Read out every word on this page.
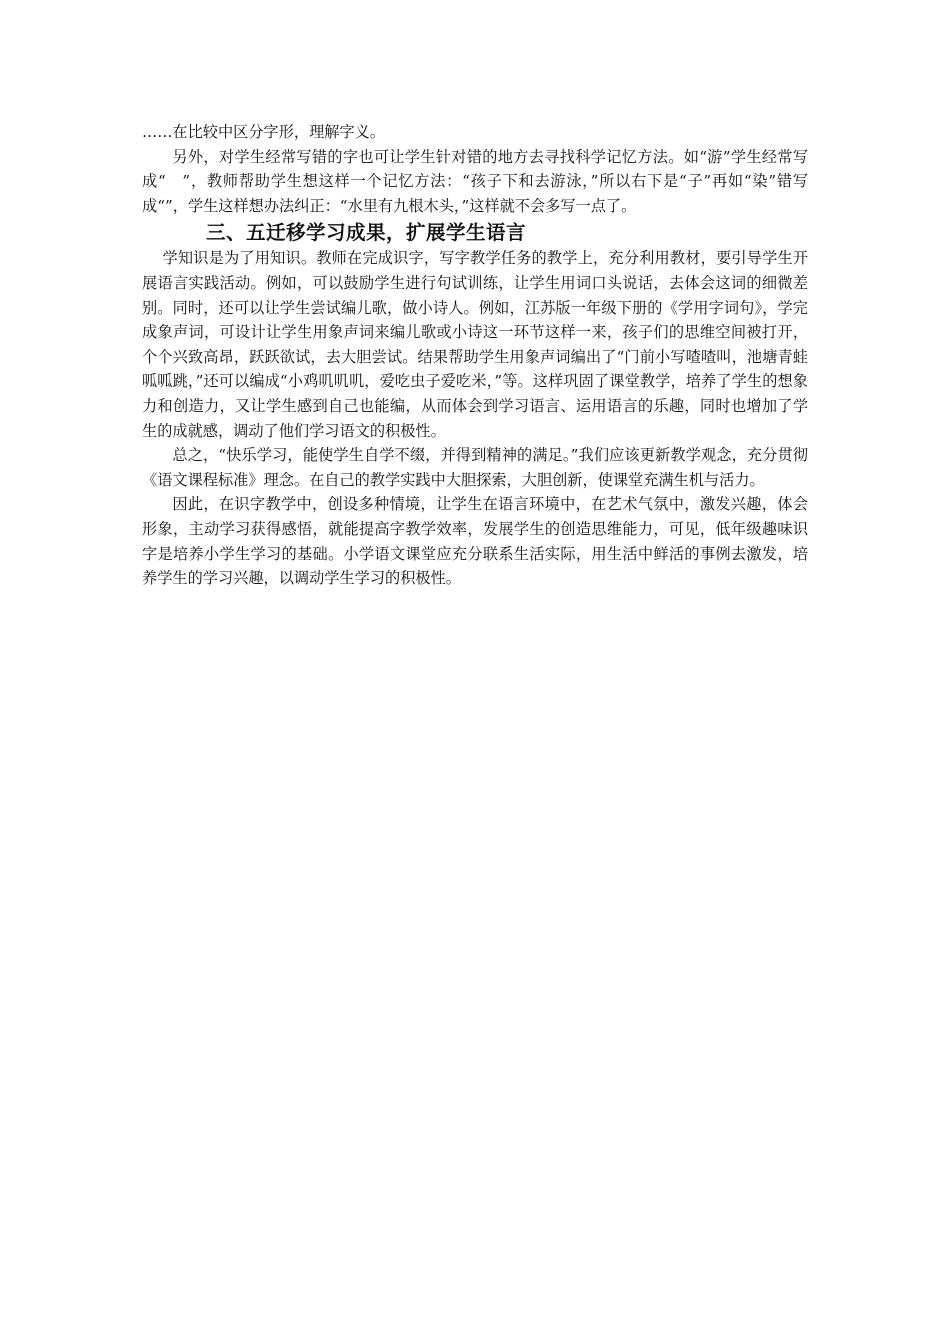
……在比较中区分字形，理解字义。

另外，对学生经常写错的字也可让学生针对错的地方去寻找科学记忆方法。如“游”学生经常写成“　”，教师帮助学生想这样一个记忆方法：“孩子下和去游泳，”所以右下是“子”再如“染”错写成“”，学生这样想办法纠正：“水里有九根木头，”这样就不会多写一点了。

三、五迁移学习成果，扩展学生语言

学知识是为了用知识。教师在完成识字，写字教学任务的教学上，充分利用教材，要引导学生开展语言实践活动。例如，可以鼓励学生进行句试训练，让学生用词口头说话，去体会这词的细微差别。同时，还可以让学生尝试编儿歌，做小诗人。例如，江苏版一年级下册的《学用字词句》，学完成象声词，可设计让学生用象声词来编儿歌或小诗这一环节这样一来，孩子们的思维空间被打开，个个兴致高昂，跃跃欲试，去大胆尝试。结果帮助学生用象声词编出了“门前小写喳喳叫，池塘青蛙呱呱跳，”还可以编成“小鸡叽叽叽，爱吃虫子爱吃米，”等。这样巩固了课堂教学，培养了学生的想象力和创造力，又让学生感到自己也能编，从而体会到学习语言、运用语言的乐趣，同时也增加了学生的成就感，调动了他们学习语文的积极性。

总之，“快乐学习，能使学生自学不缀，并得到精神的满足。”我们应该更新教学观念，充分贯彻《语文课程标准》理念。在自己的教学实践中大胆探索，大胆创新，使课堂充满生机与活力。

因此，在识字教学中，创设多种情境，让学生在语言环境中，在艺术气氛中，激发兴趣，体会形象，主动学习获得感悟，就能提高字教学效率，发展学生的创造思维能力，可见，低年级趣味识字是培养小学生学习的基础。小学语文课堂应充分联系生活实际，用生活中鲜活的事例去激发，培养学生的学习兴趣，以调动学生学习的积极性。
